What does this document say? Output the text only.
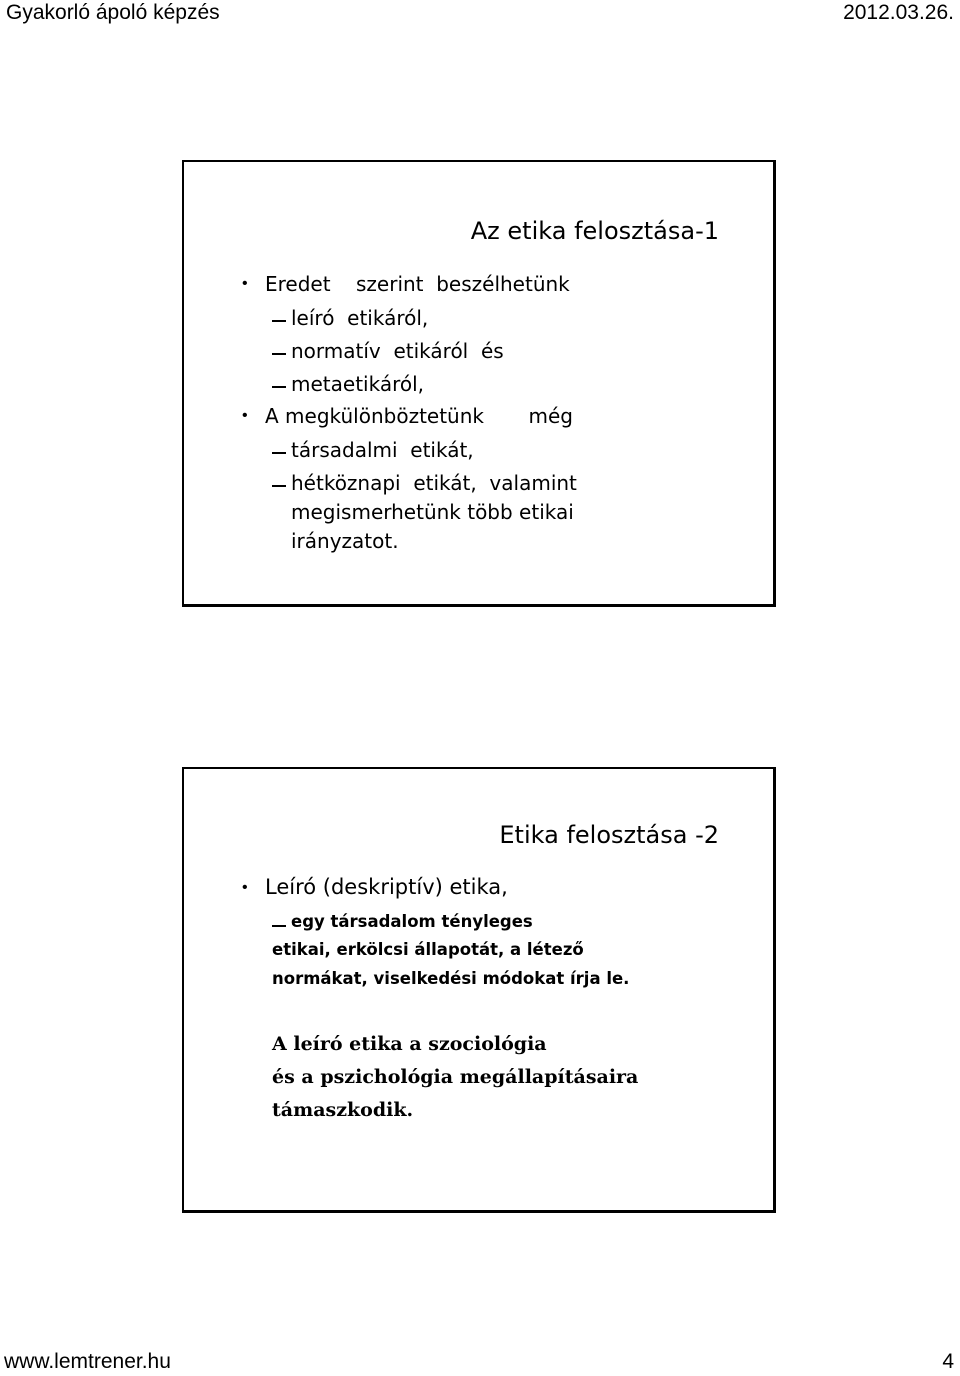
Gyakorló ápoló képzés	2012.03.26.
Az etika felosztása-1
• Eredet    szerint  beszélhetünk
leíró  etikáról,
normatív  etikáról  és
metaetikáról,
• A megkülönböztetünk       még
társadalmi  etikát,
hétköznapi  etikát,  valamint
megismerhetünk több etikai
irányzatot.
Etika felosztása -2
• Leíró (deskriptív) etika,
egy társadalom tényleges
etikai, erkölcsi állapotát, a létező
normákat, viselkedési módokat írja le.
A leíró etika a szociológia
és a pszichológia megállapításaira
támaszkodik.
www.lemtrener.hu	4
